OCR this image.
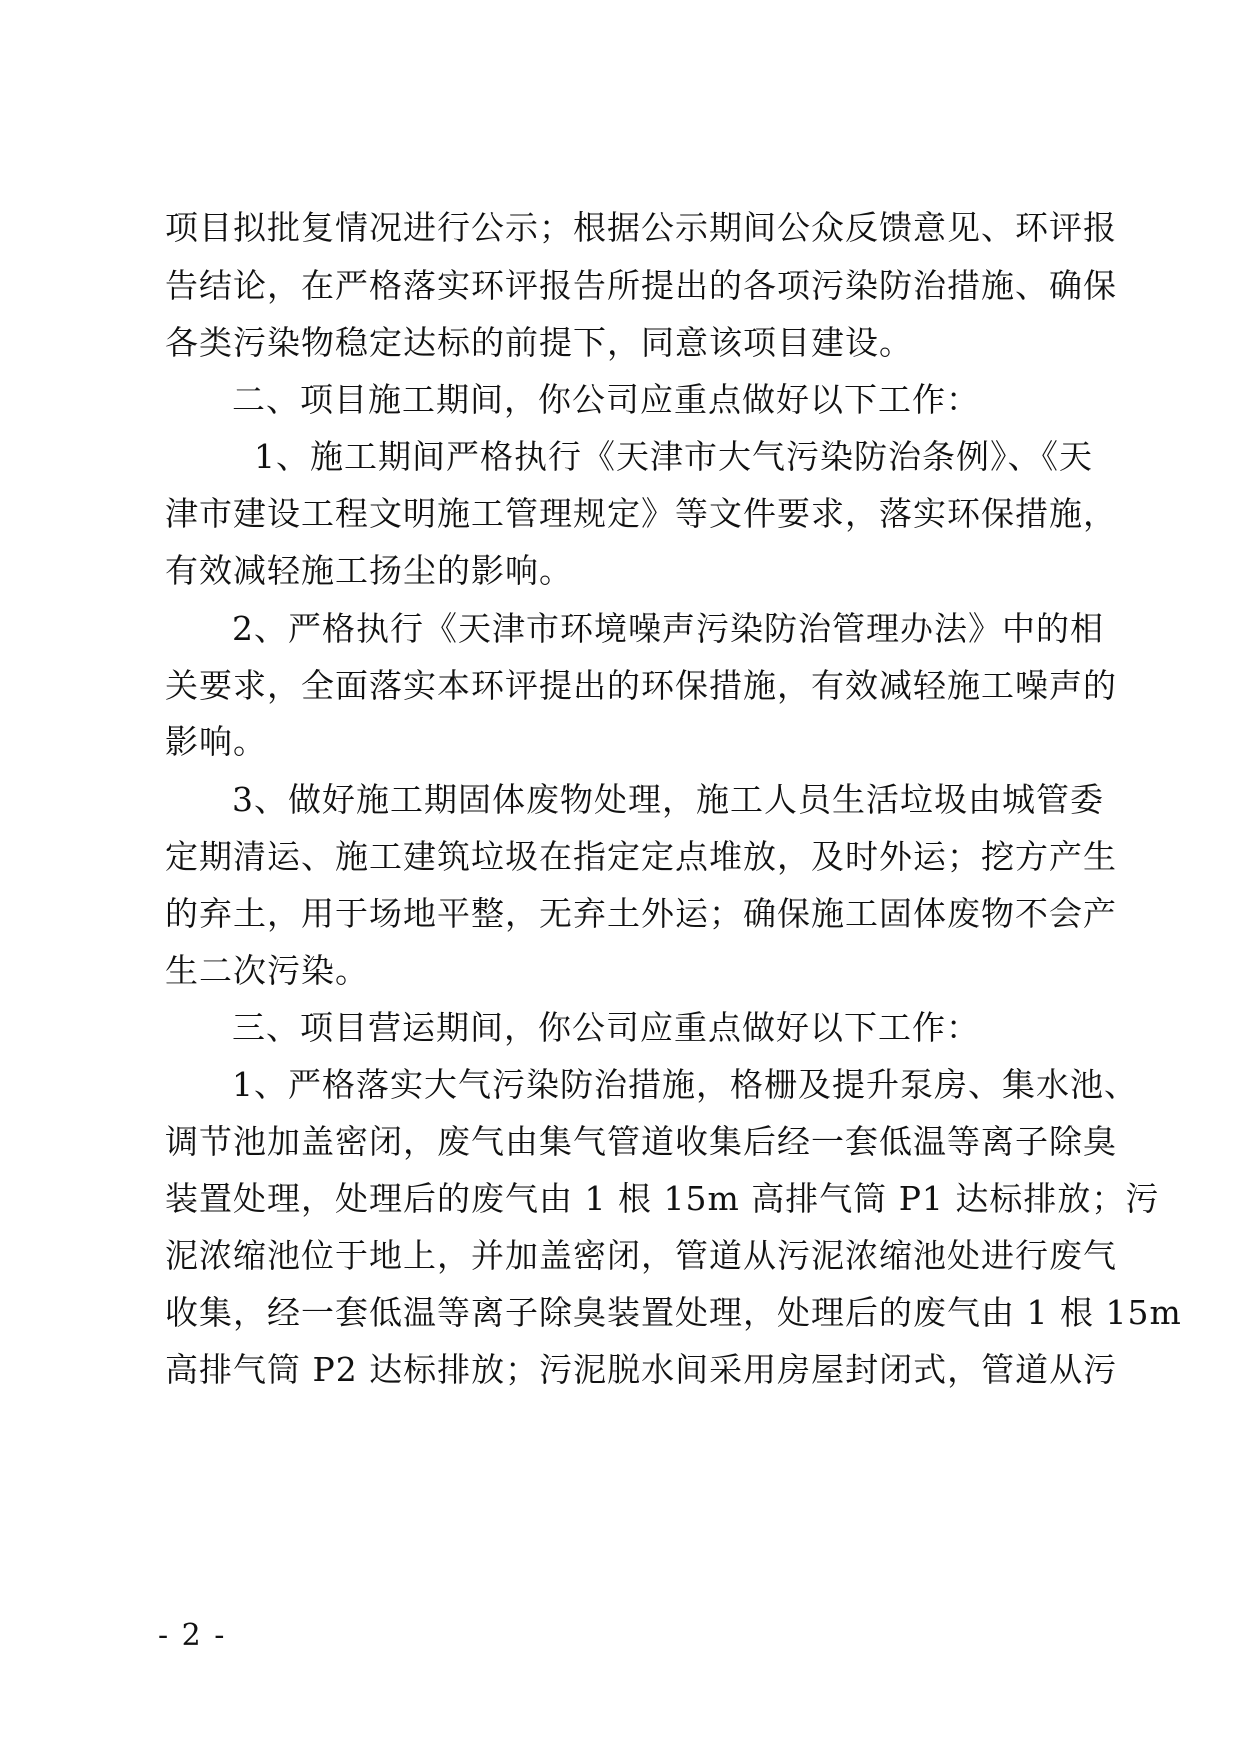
项目拟批复情况进行公示；根据公示期间公众反馈意见、环评报
告结论，在严格落实环评报告所提出的各项污染防治措施、确保
各类污染物稳定达标的前提下，同意该项目建设。
二、项目施工期间，你公司应重点做好以下工作：
1、施工期间严格执行《天津市大气污染防治条例》、《天
津市建设工程文明施工管理规定》等文件要求，落实环保措施，
有效减轻施工扬尘的影响。
2、严格执行《天津市环境噪声污染防治管理办法》中的相
关要求，全面落实本环评提出的环保措施，有效减轻施工噪声的
影响。
3、做好施工期固体废物处理，施工人员生活垃圾由城管委
定期清运、施工建筑垃圾在指定定点堆放，及时外运；挖方产生
的弃土，用于场地平整，无弃土外运；确保施工固体废物不会产
生二次污染。
三、项目营运期间，你公司应重点做好以下工作：
1、严格落实大气污染防治措施，格栅及提升泵房、集水池、
调节池加盖密闭，废气由集气管道收集后经一套低温等离子除臭
装置处理，处理后的废气由 1 根 15m 高排气筒 P1 达标排放；污
泥浓缩池位于地上，并加盖密闭，管道从污泥浓缩池处进行废气
收集，经一套低温等离子除臭装置处理，处理后的废气由 1 根 15m
高排气筒 P2 达标排放；污泥脱水间采用房屋封闭式，管道从污
- 2 -
